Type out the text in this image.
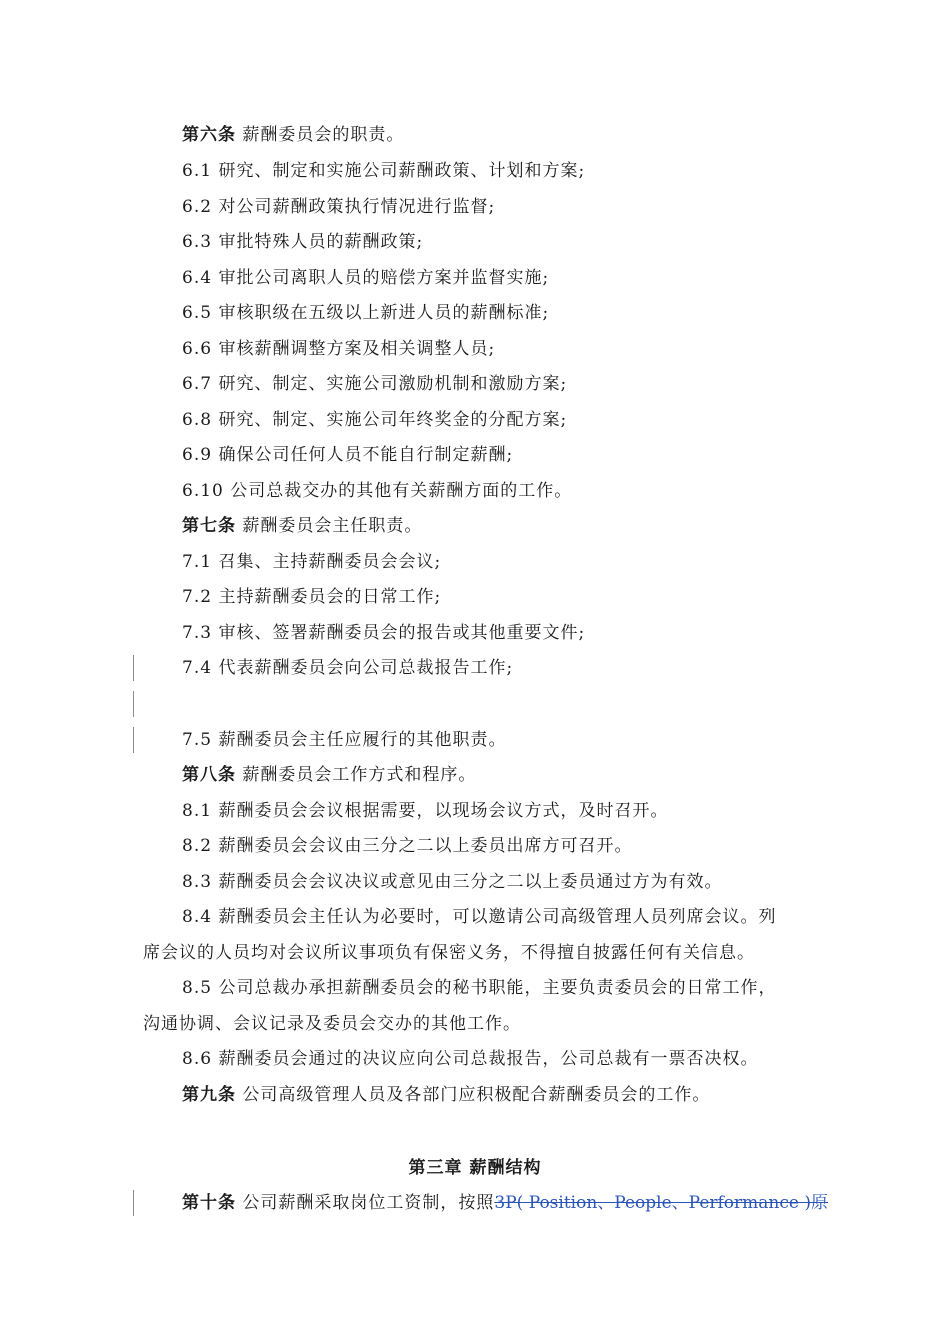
第六条 薪酬委员会的职责。
6.1 研究、制定和实施公司薪酬政策、计划和方案;
6.2 对公司薪酬政策执行情况进行监督;
6.3 审批特殊人员的薪酬政策;
6.4 审批公司离职人员的赔偿方案并监督实施;
6.5 审核职级在五级以上新进人员的薪酬标准;
6.6 审核薪酬调整方案及相关调整人员;
6.7 研究、制定、实施公司激励机制和激励方案;
6.8 研究、制定、实施公司年终奖金的分配方案;
6.9 确保公司任何人员不能自行制定薪酬;
6.10 公司总裁交办的其他有关薪酬方面的工作。
第七条 薪酬委员会主任职责。
7.1 召集、主持薪酬委员会会议;
7.2 主持薪酬委员会的日常工作;
7.3 审核、签署薪酬委员会的报告或其他重要文件;
7.4 代表薪酬委员会向公司总裁报告工作;
7.5 薪酬委员会主任应履行的其他职责。
第八条 薪酬委员会工作方式和程序。
8.1 薪酬委员会会议根据需要，以现场会议方式，及时召开。
8.2 薪酬委员会会议由三分之二以上委员出席方可召开。
8.3 薪酬委员会会议决议或意见由三分之二以上委员通过方为有效。
8.4 薪酬委员会主任认为必要时，可以邀请公司高级管理人员列席会议。列
席会议的人员均对会议所议事项负有保密义务，不得擅自披露任何有关信息。
8.5 公司总裁办承担薪酬委员会的秘书职能，主要负责委员会的日常工作，
沟通协调、会议记录及委员会交办的其他工作。
8.6 薪酬委员会通过的决议应向公司总裁报告，公司总裁有一票否决权。
第九条 公司高级管理人员及各部门应积极配合薪酬委员会的工作。
第三章 薪酬结构
第十条 公司薪酬采取岗位工资制，按照3P( Position、People、Performance )原
